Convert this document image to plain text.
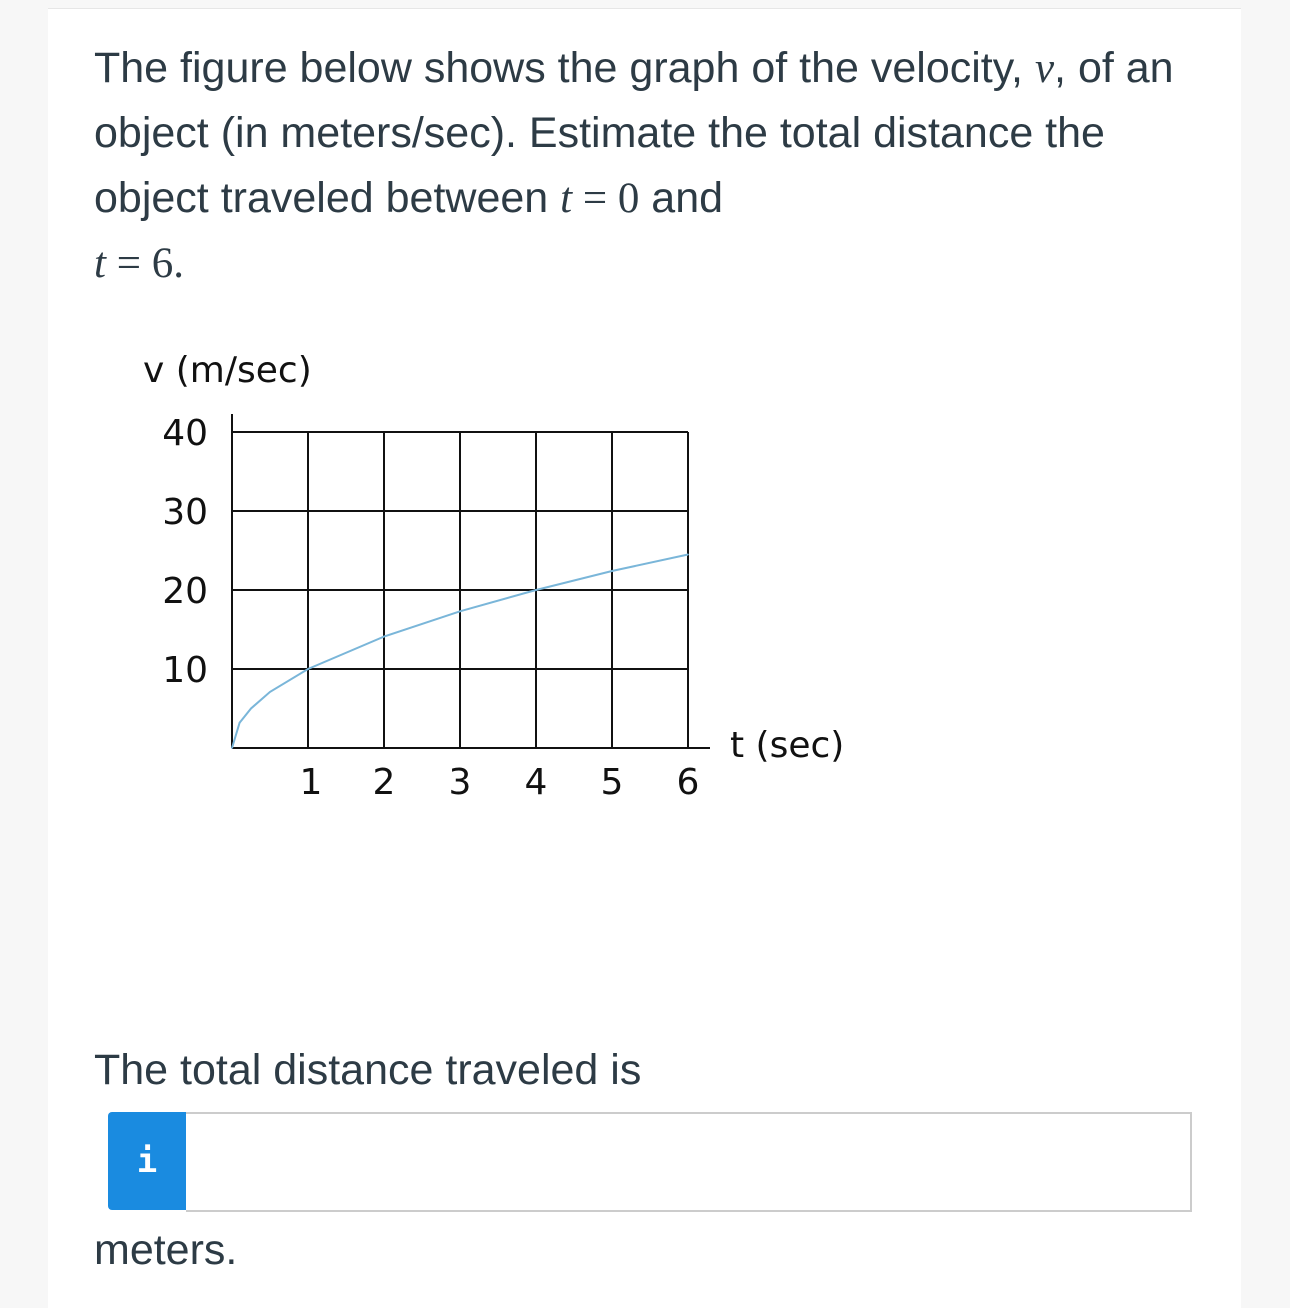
The figure below shows the graph of the velocity, v, of an object (in meters/sec). Estimate the total distance the object traveled between t = 0 and
t = 6.
1 2 3 4 5 6
10
20
30
40
v (m/sec)
t (sec)
The total distance traveled is
i
meters.
